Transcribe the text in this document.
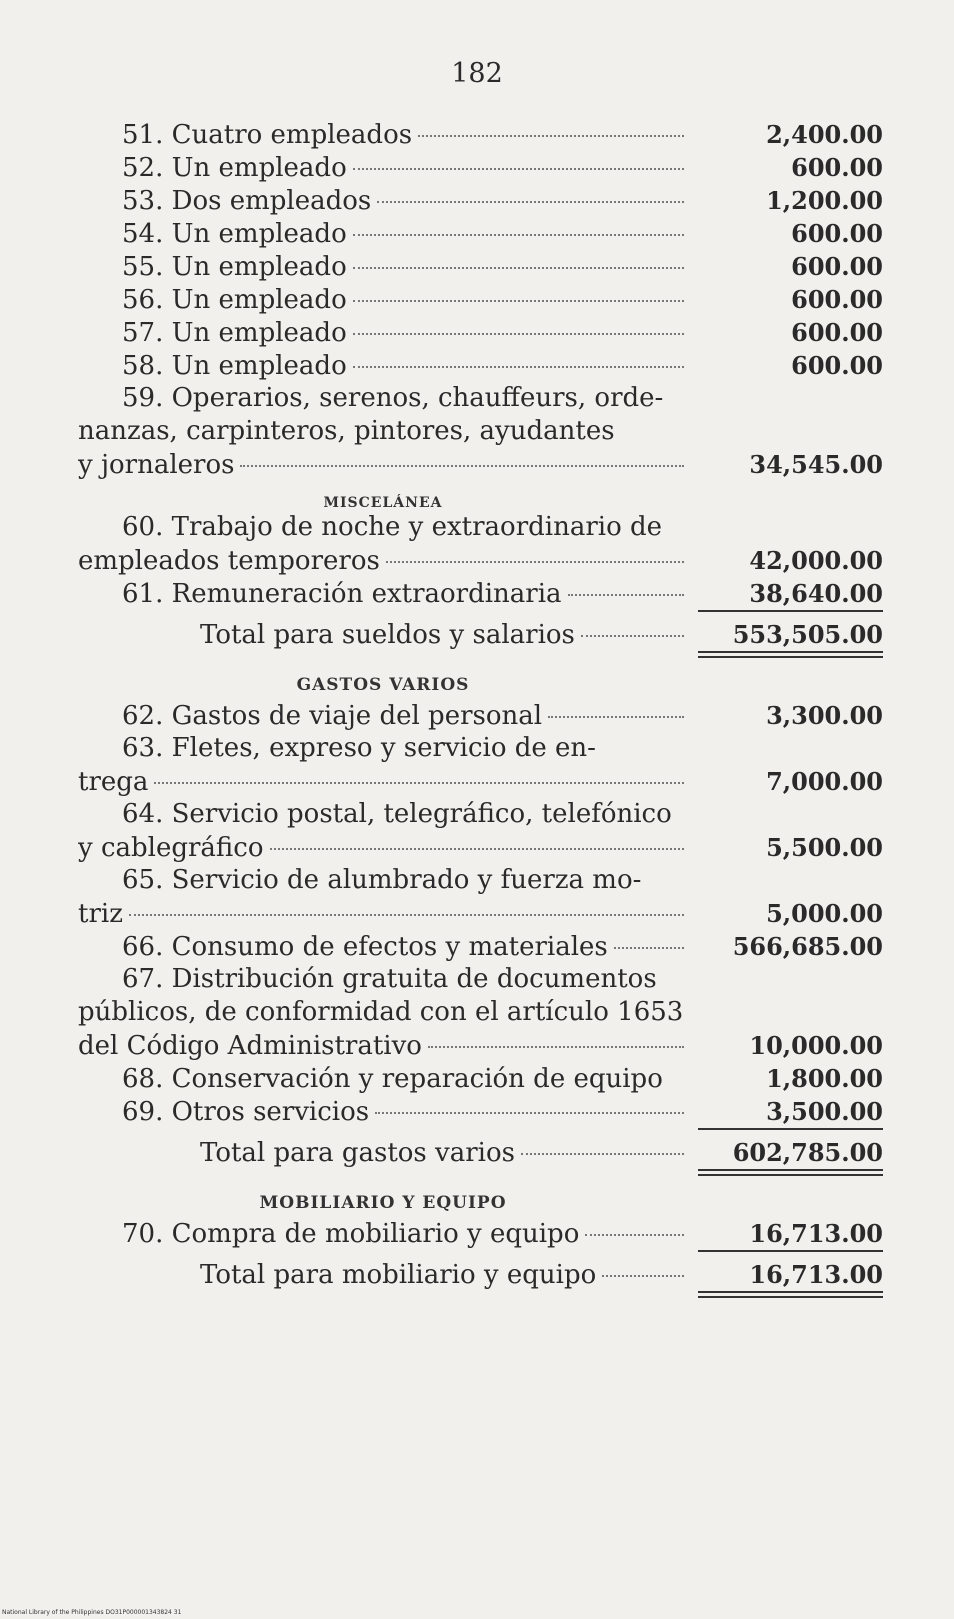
182
51. Cuatro empleados	2,400.00
52. Un empleado	600.00
53. Dos empleados	1,200.00
54. Un empleado	600.00
55. Un empleado	600.00
56. Un empleado	600.00
57. Un empleado	600.00
58. Un empleado	600.00
59. Operarios, serenos, chauffeurs, orde-
nanzas, carpinteros, pintores, ayudantes
y jornaleros	34,545.00
MISCELÁNEA
60. Trabajo de noche y extraordinario de
empleados temporeros	42,000.00
61. Remuneración extraordinaria	38,640.00
Total para sueldos y salarios	553,505.00
GASTOS VARIOS
62. Gastos de viaje del personal	3,300.00
63. Fletes, expreso y servicio de en-
trega	7,000.00
64. Servicio postal, telegráfico, telefónico
y cablegráfico	5,500.00
65. Servicio de alumbrado y fuerza mo-
triz	5,000.00
66. Consumo de efectos y materiales	566,685.00
67. Distribución gratuita de documentos
públicos, de conformidad con el artículo 1653
del Código Administrativo	10,000.00
68. Conservación y reparación de equipo	1,800.00
69. Otros servicios	3,500.00
Total para gastos varios	602,785.00
MOBILIARIO Y EQUIPO
70. Compra de mobiliario y equipo	16,713.00
Total para mobiliario y equipo	16,713.00
National Library of the Philippines DO31P000001343824 31
